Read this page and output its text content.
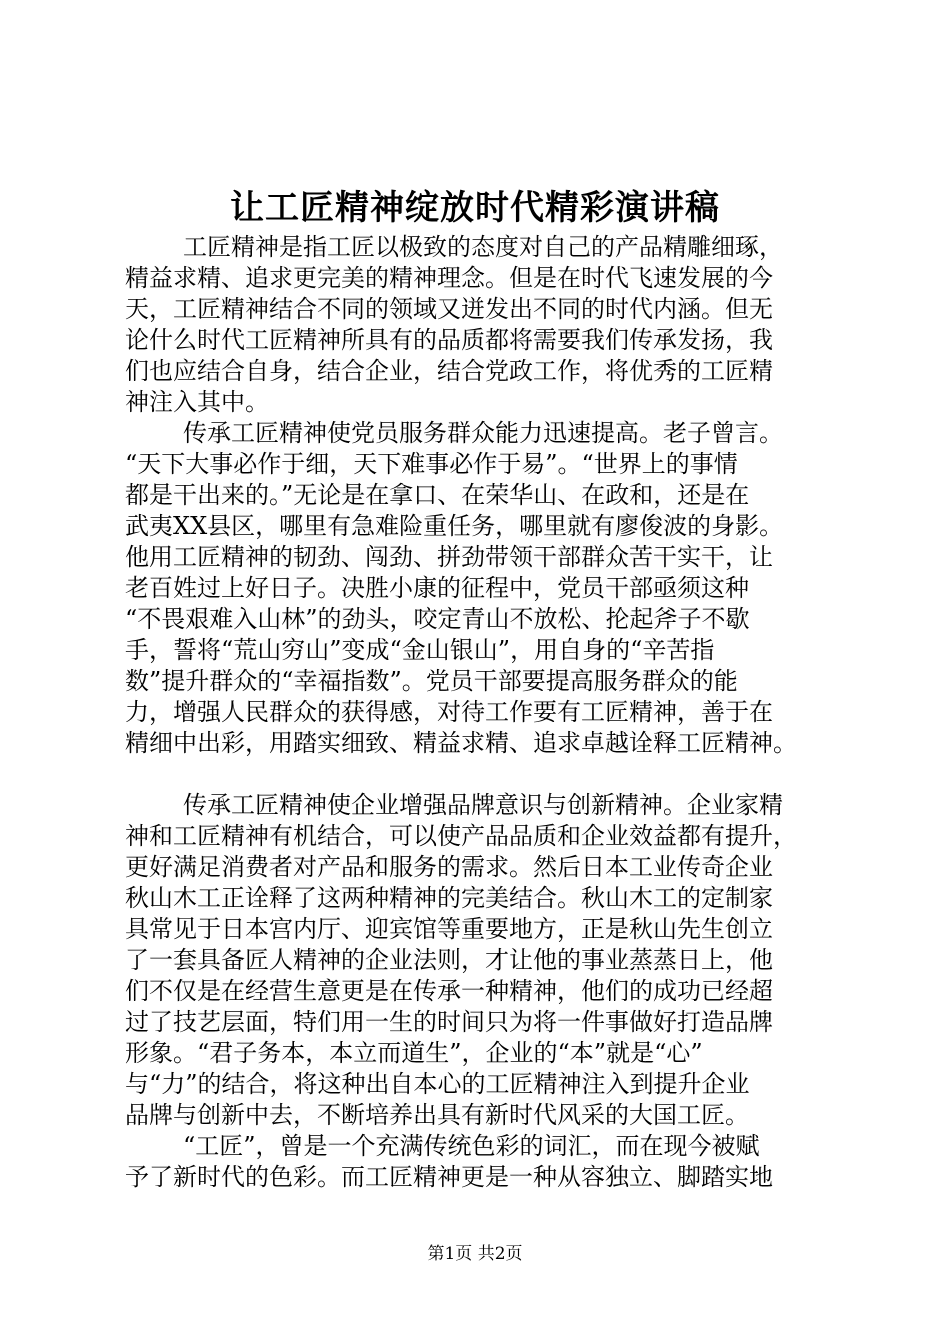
让工匠精神绽放时代精彩演讲稿
工匠精神是指工匠以极致的态度对自己的产品精雕细琢，
精益求精、追求更完美的精神理念。但是在时代飞速发展的今
天，工匠精神结合不同的领域又迸发出不同的时代内涵。但无
论什么时代工匠精神所具有的品质都将需要我们传承发扬，我
们也应结合自身，结合企业，结合党政工作，将优秀的工匠精
神注入其中。
传承工匠精神使党员服务群众能力迅速提高。老子曾言。
“天下大事必作于细，天下难事必作于易”。“世界上的事情
都是干出来的。”无论是在拿口、在荣华山、在政和，还是在
武夷XX县区，哪里有急难险重任务，哪里就有廖俊波的身影。
他用工匠精神的韧劲、闯劲、拼劲带领干部群众苦干实干，让
老百姓过上好日子。决胜小康的征程中，党员干部亟须这种
“不畏艰难入山林”的劲头，咬定青山不放松、抡起斧子不歇
手，誓将“荒山穷山”变成“金山银山”，用自身的“辛苦指
数”提升群众的“幸福指数”。党员干部要提高服务群众的能
力，增强人民群众的获得感，对待工作要有工匠精神，善于在
精细中出彩，用踏实细致、精益求精、追求卓越诠释工匠精神。
传承工匠精神使企业增强品牌意识与创新精神。企业家精
神和工匠精神有机结合，可以使产品品质和企业效益都有提升，
更好满足消费者对产品和服务的需求。然后日本工业传奇企业
秋山木工正诠释了这两种精神的完美结合。秋山木工的定制家
具常见于日本宫内厅、迎宾馆等重要地方，正是秋山先生创立
了一套具备匠人精神的企业法则，才让他的事业蒸蒸日上，他
们不仅是在经营生意更是在传承一种精神，他们的成功已经超
过了技艺层面，特们用一生的时间只为将一件事做好打造品牌
形象。“君子务本，本立而道生”，企业的“本”就是“心”
与“力”的结合，将这种出自本心的工匠精神注入到提升企业
品牌与创新中去，不断培养出具有新时代风采的大国工匠。
“工匠”，曾是一个充满传统色彩的词汇，而在现今被赋
予了新时代的色彩。而工匠精神更是一种从容独立、脚踏实地
第1页 共2页
